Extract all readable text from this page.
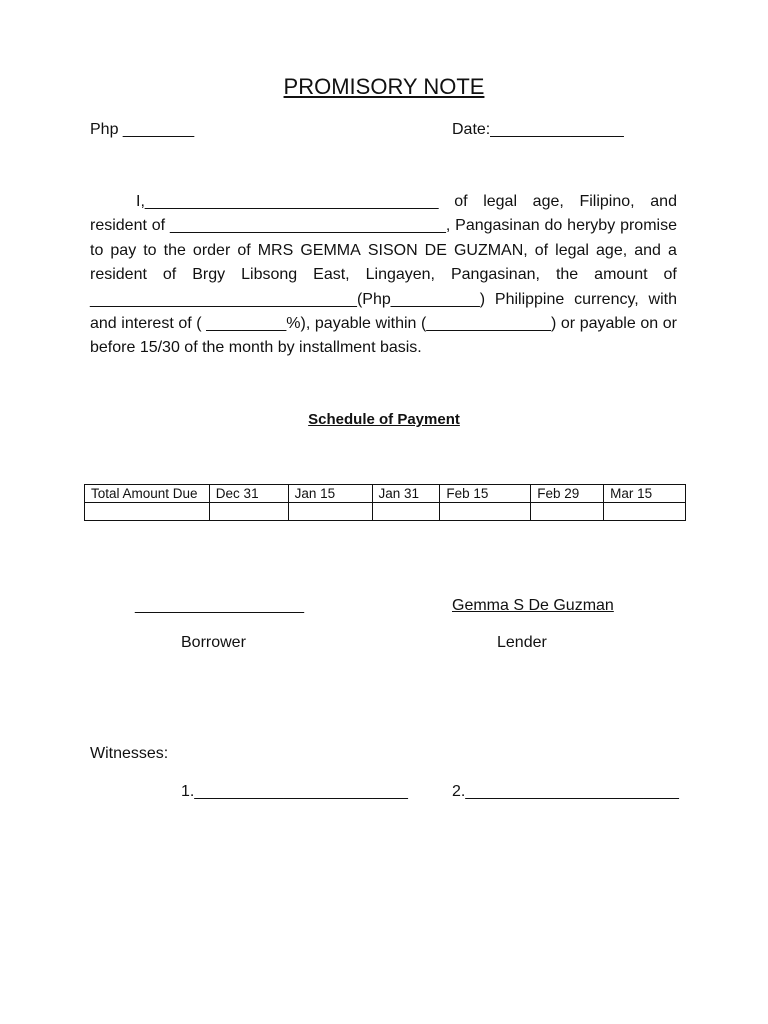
PROMISORY NOTE
Php ________	Date:_______________
I,_________________________________ of legal age, Filipino, and
resident of _______________________________, Pangasinan do heryby promise
to pay to the order of MRS GEMMA SISON DE GUZMAN, of legal age, and a
resident of Brgy Libsong East, Lingayen, Pangasinan, the amount of
______________________________(Php__________) Philippine currency, with
and interest of ( _________%), payable within (______________) or payable on or
before 15/30 of the month by installment basis.
Schedule of Payment
Total Amount Due	Dec 31	Jan 15	Jan 31	Feb 15	Feb 29	Mar 15

___________________
Borrower
Gemma S De Guzman
Lender
Witnesses:
1.________________________	2.________________________
